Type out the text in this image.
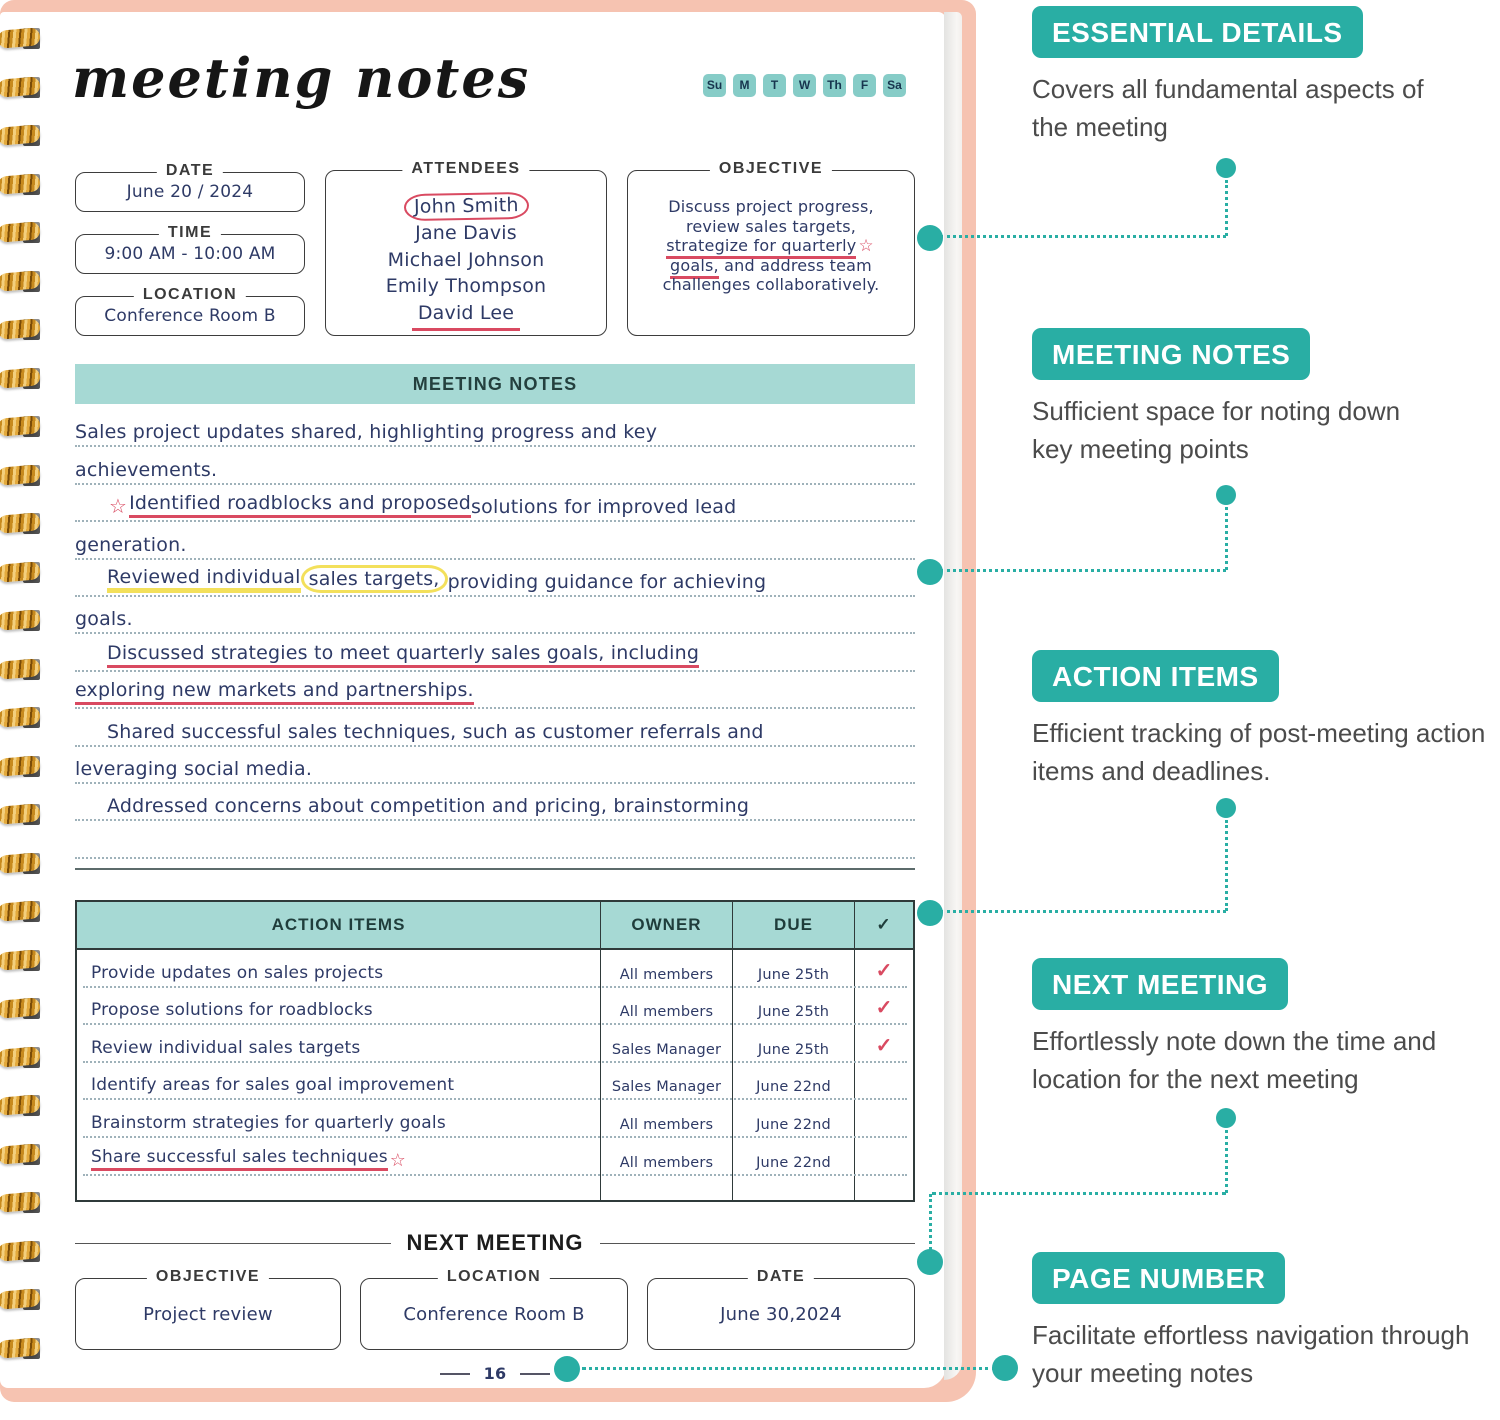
meeting notes	Su	M	T	W	Th	F	Sa
DATE
June 20 / 2024
TIME
9:00 AM - 10:00 AM
LOCATION
Conference Room B
ATTENDEES
John Smith
Jane Davis
Michael Johnson
Emily Thompson
David Lee
OBJECTIVE
Discuss project progress,
review sales targets,
strategize for quarterly ☆
goals, and address team
challenges collaboratively.
MEETING NOTES
Sales project updates shared, highlighting progress and key
achievements.
☆ Identified roadblocks and proposed solutions for improved lead
generation.
Reviewed individual sales targets, providing guidance for achieving
goals.
Discussed strategies to meet quarterly sales goals, including
exploring new markets and partnerships.
Shared successful sales techniques, such as customer referrals and
leveraging social media.
Addressed concerns about competition and pricing, brainstorming
ACTION ITEMS	OWNER	DUE	✓
Provide updates on sales projects	All members	June 25th	✓
Propose solutions for roadblocks	All members	June 25th	✓
Review individual sales targets	Sales Manager	June 25th	✓
Identify areas for sales goal improvement	Sales Manager	June 22nd
Brainstorm strategies for quarterly goals	All members	June 22nd
Share successful sales techniques ☆	All members	June 22nd
NEXT MEETING
OBJECTIVE
Project review
LOCATION
Conference Room B
DATE
June 30,2024
16
ESSENTIAL DETAILS
Covers all fundamental aspects of the meeting
MEETING NOTES
Sufficient space for noting down key meeting points
ACTION ITEMS
Efficient tracking of post-meeting action items and deadlines.
NEXT MEETING
Effortlessly note down the time and location for the next meeting
PAGE NUMBER
Facilitate effortless navigation through your meeting notes
